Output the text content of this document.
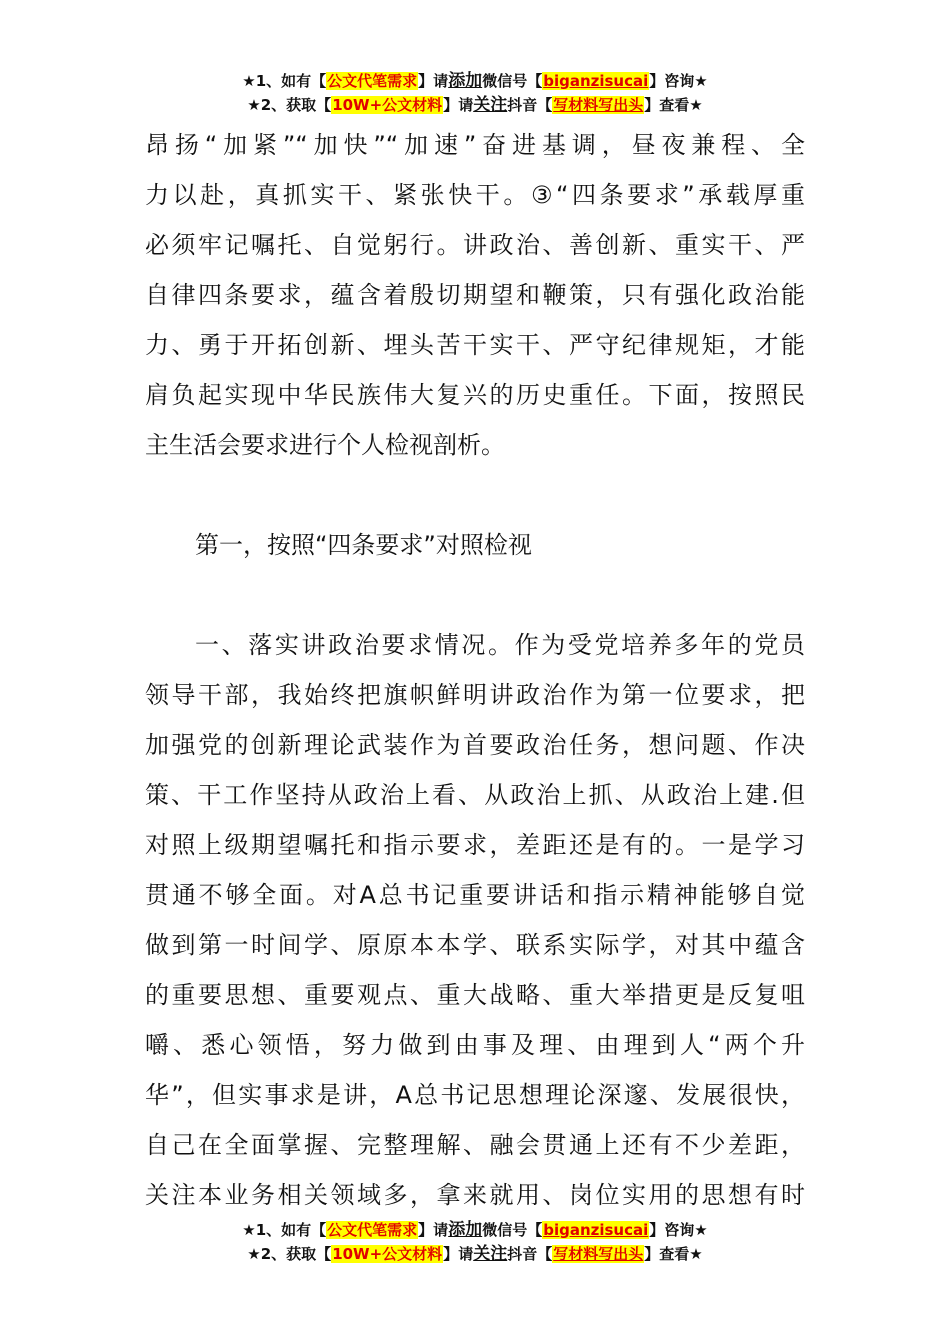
★1、如有【公文代笔需求】请添加微信号【biganzisucai】咨询★
★2、获取【10W+公文材料】请关注抖音【写材料写出头】查看★
昂扬“加紧”“加快”“加速”奋进基调，昼夜兼程、全
力以赴，真抓实干、紧张快干。③“四条要求”承载厚重
必须牢记嘱托、自觉躬行。讲政治、善创新、重实干、严
自律四条要求，蕴含着殷切期望和鞭策，只有强化政治能
力、勇于开拓创新、埋头苦干实干、严守纪律规矩，才能
肩负起实现中华民族伟大复兴的历史重任。下面，按照民
主生活会要求进行个人检视剖析。
第一，按照“四条要求”对照检视
一、落实讲政治要求情况。作为受党培养多年的党员
领导干部，我始终把旗帜鲜明讲政治作为第一位要求，把
加强党的创新理论武装作为首要政治任务，想问题、作决
策、干工作坚持从政治上看、从政治上抓、从政治上建.但
对照上级期望嘱托和指示要求，差距还是有的。一是学习
贯通不够全面。对A总书记重要讲话和指示精神能够自觉
做到第一时间学、原原本本学、联系实际学，对其中蕴含
的重要思想、重要观点、重大战略、重大举措更是反复咀
嚼、悉心领悟，努力做到由事及理、由理到人“两个升
华”，但实事求是讲，A总书记思想理论深邃、发展很快，
自己在全面掌握、完整理解、融会贯通上还有不少差距，
关注本业务相关领域多，拿来就用、岗位实用的思想有时
★1、如有【公文代笔需求】请添加微信号【biganzisucai】咨询★
★2、获取【10W+公文材料】请关注抖音【写材料写出头】查看★
